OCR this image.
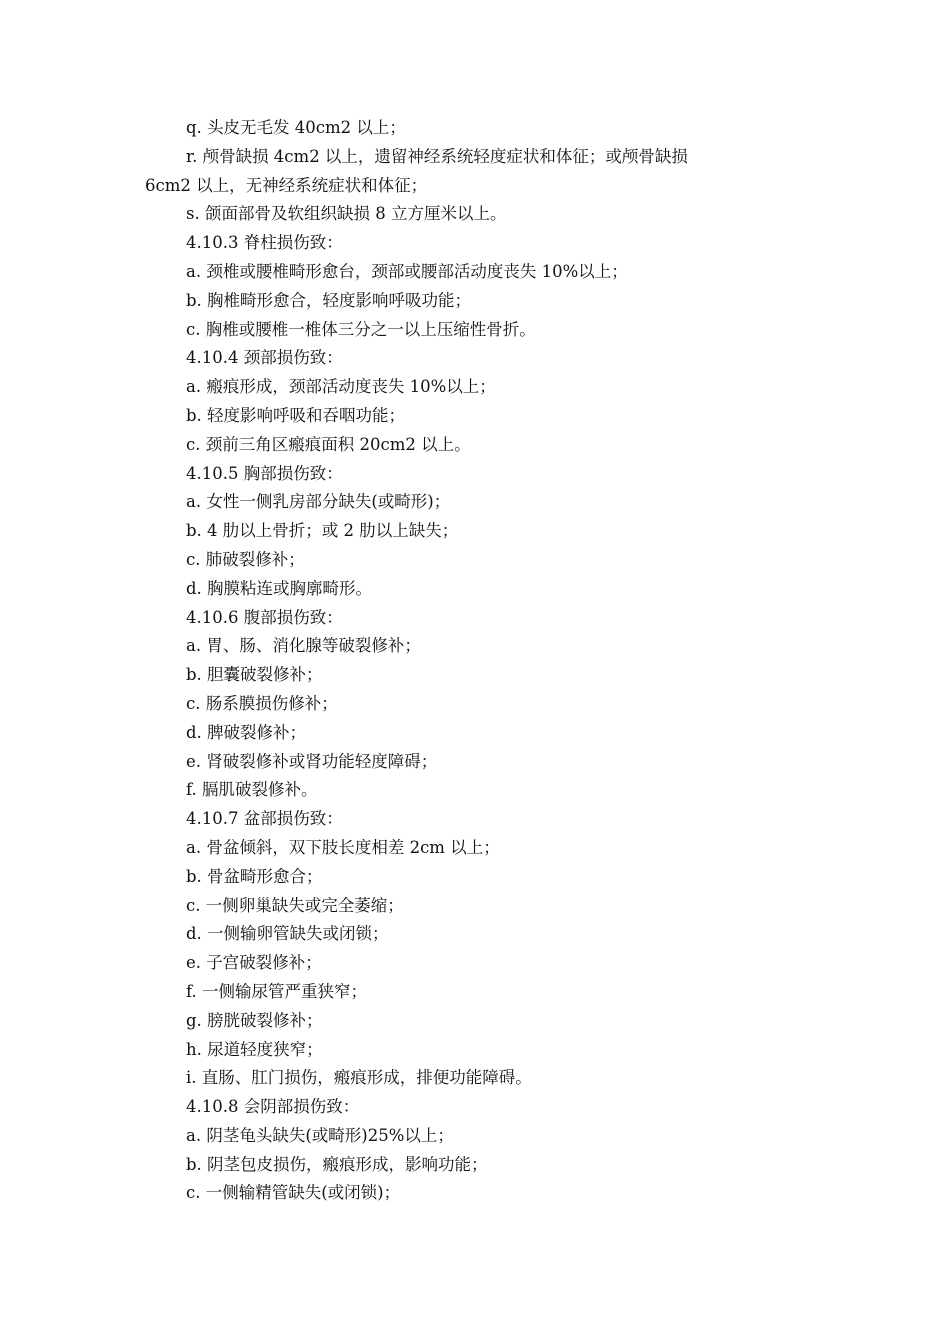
q. 头皮无毛发 40cm2 以上；
r. 颅骨缺损 4cm2 以上，遗留神经系统轻度症状和体征；或颅骨缺损
6cm2 以上，无神经系统症状和体征；
s. 颌面部骨及软组织缺损 8 立方厘米以上。
4.10.3 脊柱损伤致：
a. 颈椎或腰椎畸形愈台，颈部或腰部活动度丧失 10%以上；
b. 胸椎畸形愈合，轻度影响呼吸功能；
c. 胸椎或腰椎一椎体三分之一以上压缩性骨折。
4.10.4 颈部损伤致：
a. 瘢痕形成，颈部活动度丧失 10%以上；
b. 轻度影响呼吸和吞咽功能；
c. 颈前三角区瘢痕面积 20cm2 以上。
4.10.5 胸部损伤致：
a. 女性一侧乳房部分缺失(或畸形)；
b. 4 肋以上骨折；或 2 肋以上缺失；
c. 肺破裂修补；
d. 胸膜粘连或胸廓畸形。
4.10.6 腹部损伤致：
a. 胃、肠、消化腺等破裂修补；
b. 胆囊破裂修补；
c. 肠系膜损伤修补；
d. 脾破裂修补；
e. 肾破裂修补或肾功能轻度障碍；
f. 膈肌破裂修补。
4.10.7 盆部损伤致：
a. 骨盆倾斜，双下肢长度相差 2cm 以上；
b. 骨盆畸形愈合；
c. 一侧卵巢缺失或完全萎缩；
d. 一侧输卵管缺失或闭锁；
e. 子宫破裂修补；
f. 一侧输尿管严重狭窄；
g. 膀胱破裂修补；
h. 尿道轻度狭窄；
i. 直肠、肛门损伤，瘢痕形成，排便功能障碍。
4.10.8 会阴部损伤致：
a. 阴茎龟头缺失(或畸形)25%以上；
b. 阴茎包皮损伤，瘢痕形成，影响功能；
c. 一侧输精管缺失(或闭锁)；
